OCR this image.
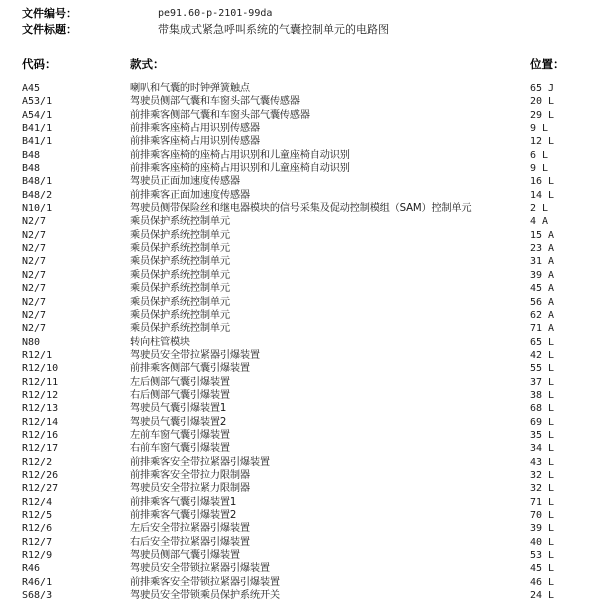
文件编号：	pe91.60-p-2101-99da
文件标题：	带集成式紧急呼叫系统的气囊控制单元的电路图
代码：	款式：	位置：
A45	喇叭和气囊的时钟弹簧触点	65 J
A53/1	驾驶员侧部气囊和车窗头部气囊传感器	20 L
A54/1	前排乘客侧部气囊和车窗头部气囊传感器	29 L
B41/1	前排乘客座椅占用识别传感器	9 L
B41/1	前排乘客座椅占用识别传感器	12 L
B48	前排乘客座椅的座椅占用识别和儿童座椅自动识别	6 L
B48	前排乘客座椅的座椅占用识别和儿童座椅自动识别	9 L
B48/1	驾驶员正面加速度传感器	16 L
B48/2	前排乘客正面加速度传感器	14 L
N10/1	驾驶员侧带保险丝和继电器模块的信号采集及促动控制模组（SAM）控制单元	2 L
N2/7	乘员保护系统控制单元	4 A
N2/7	乘员保护系统控制单元	15 A
N2/7	乘员保护系统控制单元	23 A
N2/7	乘员保护系统控制单元	31 A
N2/7	乘员保护系统控制单元	39 A
N2/7	乘员保护系统控制单元	45 A
N2/7	乘员保护系统控制单元	56 A
N2/7	乘员保护系统控制单元	62 A
N2/7	乘员保护系统控制单元	71 A
N80	转向柱管模块	65 L
R12/1	驾驶员安全带拉紧器引爆装置	42 L
R12/10	前排乘客侧部气囊引爆装置	55 L
R12/11	左后侧部气囊引爆装置	37 L
R12/12	右后侧部气囊引爆装置	38 L
R12/13	驾驶员气囊引爆装置1	68 L
R12/14	驾驶员气囊引爆装置2	69 L
R12/16	左前车窗气囊引爆装置	35 L
R12/17	右前车窗气囊引爆装置	34 L
R12/2	前排乘客安全带拉紧器引爆装置	43 L
R12/26	前排乘客安全带拉力限制器	32 L
R12/27	驾驶员安全带拉紧力限制器	32 L
R12/4	前排乘客气囊引爆装置1	71 L
R12/5	前排乘客气囊引爆装置2	70 L
R12/6	左后安全带拉紧器引爆装置	39 L
R12/7	右后安全带拉紧器引爆装置	40 L
R12/9	驾驶员侧部气囊引爆装置	53 L
R46	驾驶员安全带锁拉紧器引爆装置	45 L
R46/1	前排乘客安全带锁拉紧器引爆装置	46 L
S68/3	驾驶员安全带锁乘员保护系统开关	24 L
